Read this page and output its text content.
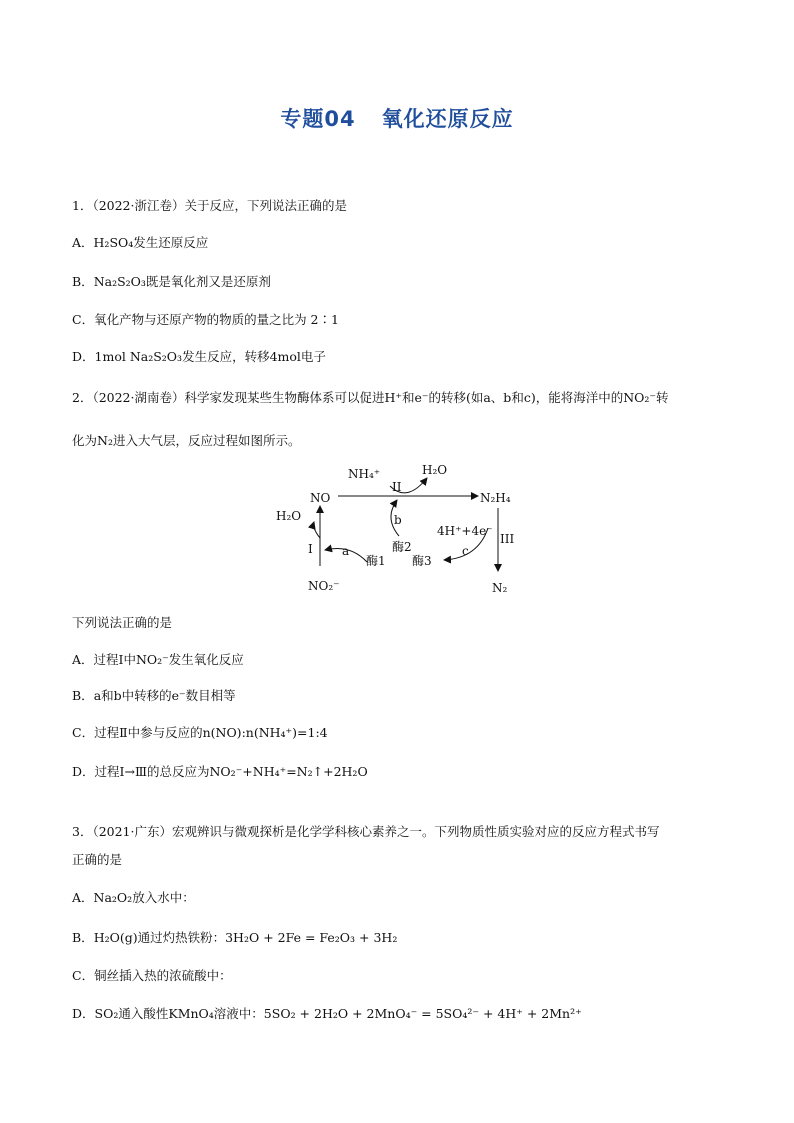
专题04 氧化还原反应
1．（2022·浙江卷）关于反应，下列说法正确的是
A．H₂SO₄发生还原反应
B．Na₂S₂O₃既是氧化剂又是还原剂
C．氧化产物与还原产物的物质的量之比为 2∶1
D．1mol Na₂S₂O₃发生反应，转移4mol电子
2．（2022·湖南卷）科学家发现某些生物酶体系可以促进H⁺和e⁻的转移(如a、b和c)，能将海洋中的NO₂⁻转
化为N₂进入大气层，反应过程如图所示。
NO	N₂H₄
N₂
NO₂⁻
H₂O
H₂O
NH₄⁺
II
I
III
a
b
c
酶1
酶2
酶3
4H⁺+4e⁻
下列说法正确的是
A．过程Ⅰ中NO₂⁻发生氧化反应
B．a和b中转移的e⁻数目相等
C．过程Ⅱ中参与反应的n(NO):n(NH₄⁺)=1:4
D．过程Ⅰ→Ⅲ的总反应为NO₂⁻+NH₄⁺=N₂↑+2H₂O
3．（2021·广东）宏观辨识与微观探析是化学学科核心素养之一。下列物质性质实验对应的反应方程式书写
正确的是
A．Na₂O₂放入水中：
B．H₂O(g)通过灼热铁粉：3H₂O + 2Fe = Fe₂O₃ + 3H₂
C．铜丝插入热的浓硫酸中：
D．SO₂通入酸性KMnO₄溶液中：5SO₂ + 2H₂O + 2MnO₄⁻ = 5SO₄²⁻ + 4H⁺ + 2Mn²⁺
